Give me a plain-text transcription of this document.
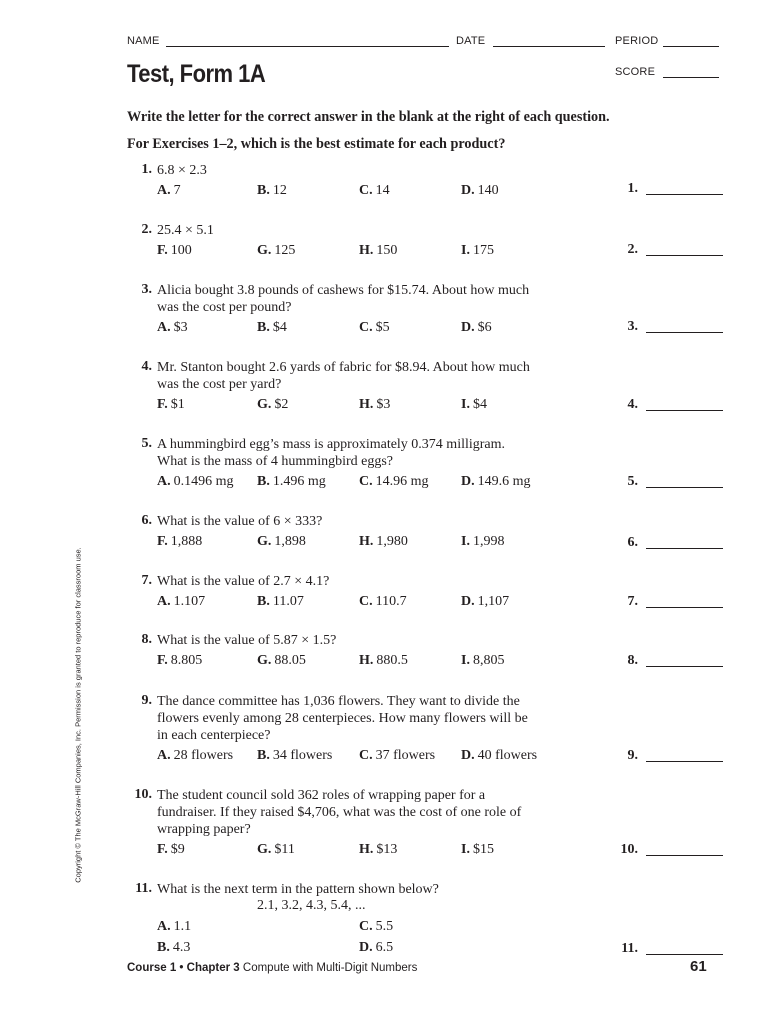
NAME	DATE	PERIOD
SCORE
Test, Form 1A
Write the letter for the correct answer in the blank at the right of each question.
For Exercises 1–2, which is the best estimate for each product?
Copyright © The McGraw-Hill Companies, Inc. Permission is granted to reproduce for classroom use.
1. 6.8 × 2.3
A. 7	B. 12	C. 14	D. 140	1.
2. 25.4 × 5.1
F. 100	G. 125	H. 150	I. 175	2.
3. Alicia bought 3.8 pounds of cashews for $15.74. About how much
was the cost per pound?
A. $3	B. $4	C. $5	D. $6	3.
4. Mr. Stanton bought 2.6 yards of fabric for $8.94. About how much
was the cost per yard?
F. $1	G. $2	H. $3	I. $4	4.
5. A hummingbird egg’s mass is approximately 0.374 milligram.
What is the mass of 4 hummingbird eggs?
A. 0.1496 mg B. 1.496 mg C. 14.96 mg D. 149.6 mg	5.
6. What is the value of 6 × 333?
F. 1,888	G. 1,898	H. 1,980	I. 1,998	6.
7. What is the value of 2.7 × 4.1?
A. 1.107	B. 11.07	C. 110.7	D. 1,107	7.
8. What is the value of 5.87 × 1.5?
F. 8.805	G. 88.05	H. 880.5	I. 8,805	8.
9. The dance committee has 1,036 flowers. They want to divide the
flowers evenly among 28 centerpieces. How many flowers will be
in each centerpiece?
A. 28 flowers B. 34 flowers C. 37 flowers D. 40 flowers	9.
10. The student council sold 362 roles of wrapping paper for a
fundraiser. If they raised $4,706, what was the cost of one role of
wrapping paper?
F. $9	G. $11	H. $13	I. $15	10.
11. What is the next term in the pattern shown below?
2.1, 3.2, 4.3, 5.4, ...
A. 1.1	C. 5.5
B. 4.3	D. 6.5	11.
Course 1 • Chapter 3 Compute with Multi-Digit Numbers	61
